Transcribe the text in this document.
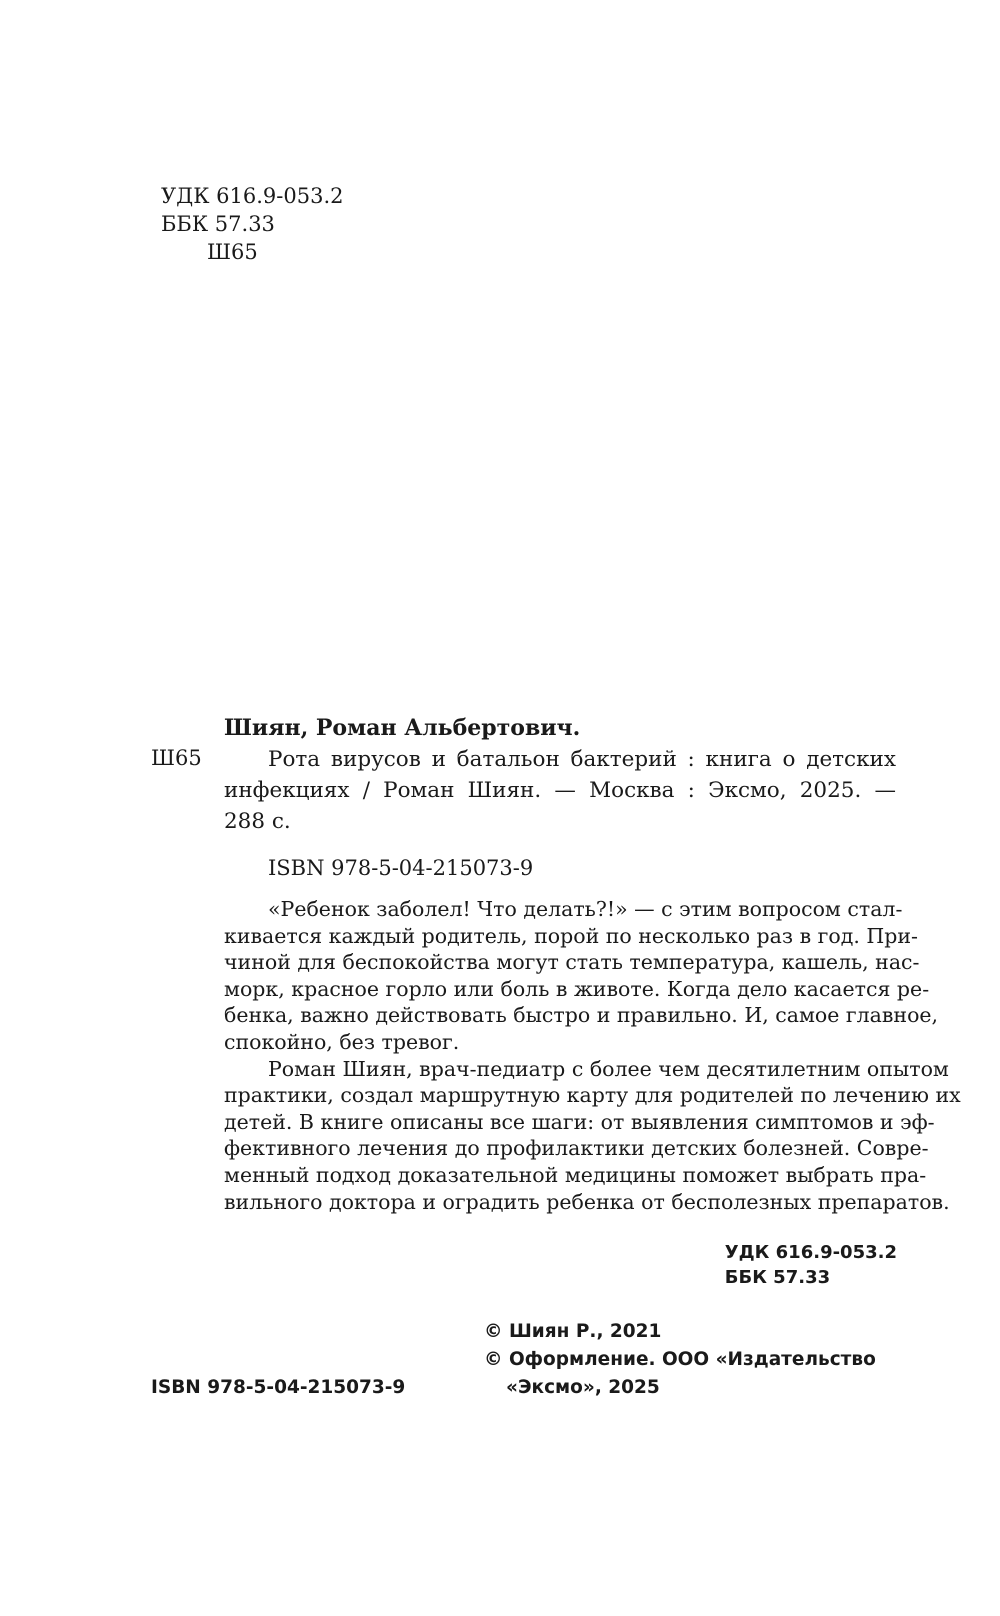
УДК 616.9-053.2
ББК 57.33
Ш65
Шиян, Роман Альбертович.
Ш65	Рота вирусов и батальон бактерий : книга о детских
инфекциях / Роман Шиян. — Москва : Эксмо, 2025. —
288 с.
ISBN 978-5-04-215073-9
«Ребенок заболел! Что делать?!» — с этим вопросом стал-
кивается каждый родитель, порой по несколько раз в год. При-
чиной для беспокойства могут стать температура, кашель, нас-
морк, красное горло или боль в животе. Когда дело касается ре-
бенка, важно действовать быстро и правильно. И, самое главное,
спокойно, без тревог.
Роман Шиян, врач-педиатр с более чем десятилетним опытом
практики, создал маршрутную карту для родителей по лечению их
детей. В книге описаны все шаги: от выявления симптомов и эф-
фективного лечения до профилактики детских болезней. Совре-
менный подход доказательной медицины поможет выбрать пра-
вильного доктора и оградить ребенка от бесполезных препаратов.
УДК 616.9-053.2
ББК 57.33
© Шиян Р., 2021
© Оформление. ООО «Издательство
«Эксмо», 2025
ISBN 978-5-04-215073-9
